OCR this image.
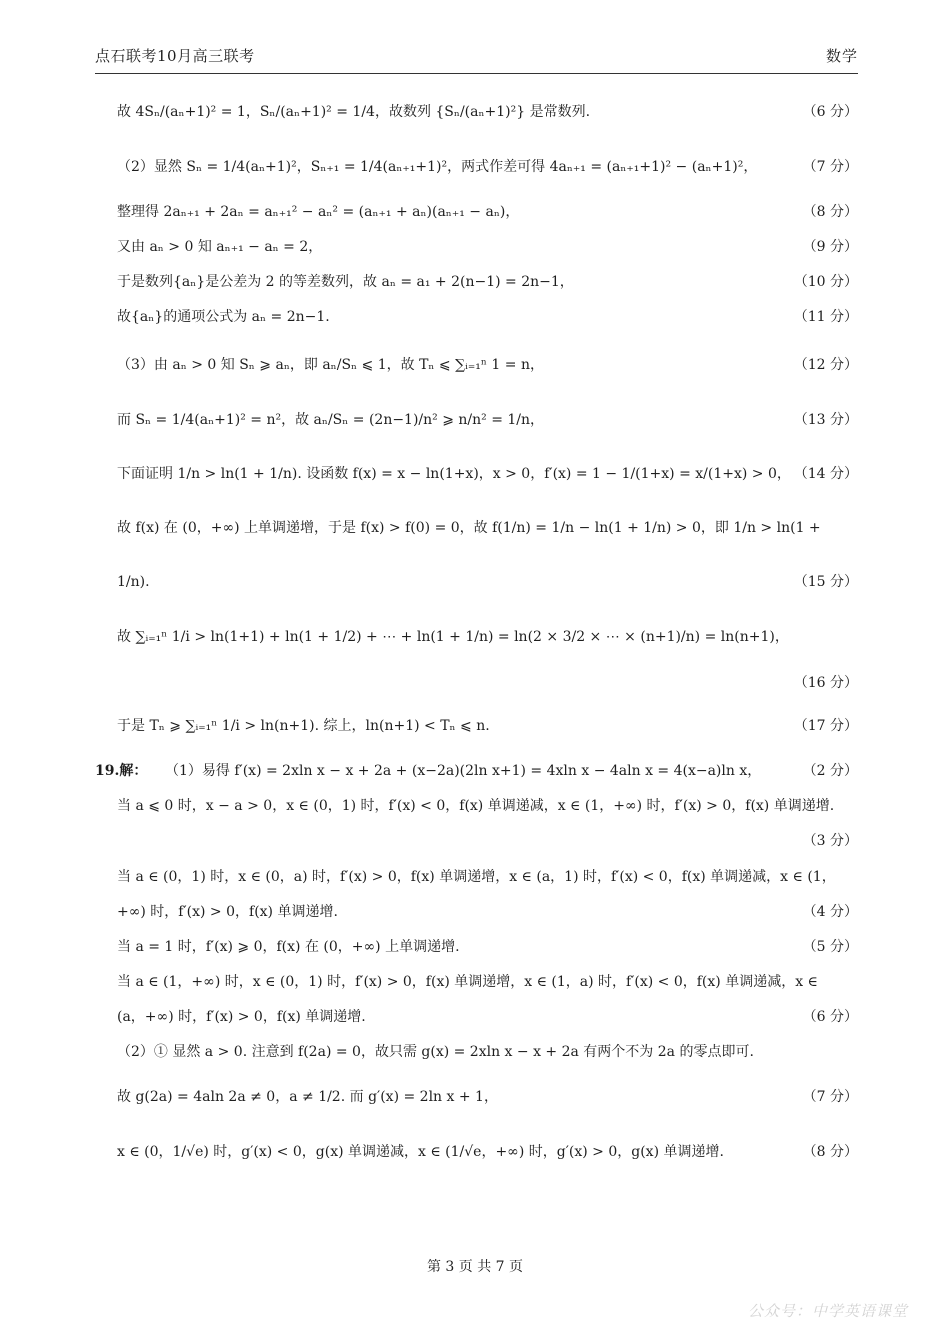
点石联考10月高三联考	数学
故 4Sₙ/(aₙ+1)² = 1，Sₙ/(aₙ+1)² = 1/4，故数列 {Sₙ/(aₙ+1)²} 是常数列.	（6 分）
（2）显然 Sₙ = 1/4(aₙ+1)²，Sₙ₊₁ = 1/4(aₙ₊₁+1)²，两式作差可得 4aₙ₊₁ = (aₙ₊₁+1)² − (aₙ+1)²，	（7 分）
整理得 2aₙ₊₁ + 2aₙ = aₙ₊₁² − aₙ² = (aₙ₊₁ + aₙ)(aₙ₊₁ − aₙ)，	（8 分）
又由 aₙ > 0 知 aₙ₊₁ − aₙ = 2，	（9 分）
于是数列{aₙ}是公差为 2 的等差数列，故 aₙ = a₁ + 2(n−1) = 2n−1，	（10 分）
故{aₙ}的通项公式为 aₙ = 2n−1.	（11 分）
（3）由 aₙ > 0 知 Sₙ ⩾ aₙ，即 aₙ/Sₙ ⩽ 1，故 Tₙ ⩽ ∑ᵢ₌₁ⁿ 1 = n，	（12 分）
而 Sₙ = 1/4(aₙ+1)² = n²，故 aₙ/Sₙ = (2n−1)/n² ⩾ n/n² = 1/n，	（13 分）
下面证明 1/n > ln(1 + 1/n). 设函数 f(x) = x − ln(1+x)，x > 0，f′(x) = 1 − 1/(1+x) = x/(1+x) > 0， （14 分）
故 f(x) 在 (0，+∞) 上单调递增，于是 f(x) > f(0) = 0，故 f(1/n) = 1/n − ln(1 + 1/n) > 0，即 1/n > ln(1 +
1/n).	（15 分）
故 ∑ᵢ₌₁ⁿ 1/i > ln(1+1) + ln(1 + 1/2) + ⋯ + ln(1 + 1/n) = ln(2 × 3/2 × ⋯ × (n+1)/n) = ln(n+1)，
（16 分）
于是 Tₙ ⩾ ∑ᵢ₌₁ⁿ 1/i > ln(n+1). 综上，ln(n+1) < Tₙ ⩽ n.	（17 分）
19.解： （1）易得 f′(x) = 2xln x − x + 2a + (x−2a)(2ln x+1) = 4xln x − 4aln x = 4(x−a)ln x，	（2 分）
当 a ⩽ 0 时，x − a > 0，x ∈ (0，1) 时，f′(x) < 0，f(x) 单调递减，x ∈ (1，+∞) 时，f′(x) > 0，f(x) 单调递增.
（3 分）
当 a ∈ (0，1) 时，x ∈ (0，a) 时，f′(x) > 0，f(x) 单调递增，x ∈ (a，1) 时，f′(x) < 0，f(x) 单调递减，x ∈ (1，
+∞) 时，f′(x) > 0，f(x) 单调递增.	（4 分）
当 a = 1 时，f′(x) ⩾ 0，f(x) 在 (0，+∞) 上单调递增.	（5 分）
当 a ∈ (1，+∞) 时，x ∈ (0，1) 时，f′(x) > 0，f(x) 单调递增，x ∈ (1，a) 时，f′(x) < 0，f(x) 单调递减，x ∈
(a，+∞) 时，f′(x) > 0，f(x) 单调递增.	（6 分）
（2）① 显然 a > 0. 注意到 f(2a) = 0，故只需 g(x) = 2xln x − x + 2a 有两个不为 2a 的零点即可.
故 g(2a) = 4aln 2a ≠ 0，a ≠ 1/2. 而 g′(x) = 2ln x + 1，	（7 分）
x ∈ (0，1/√e) 时，g′(x) < 0，g(x) 单调递减，x ∈ (1/√e，+∞) 时，g′(x) > 0，g(x) 单调递增.	（8 分）
第 3 页 共 7 页
公众号：中学英语课堂
